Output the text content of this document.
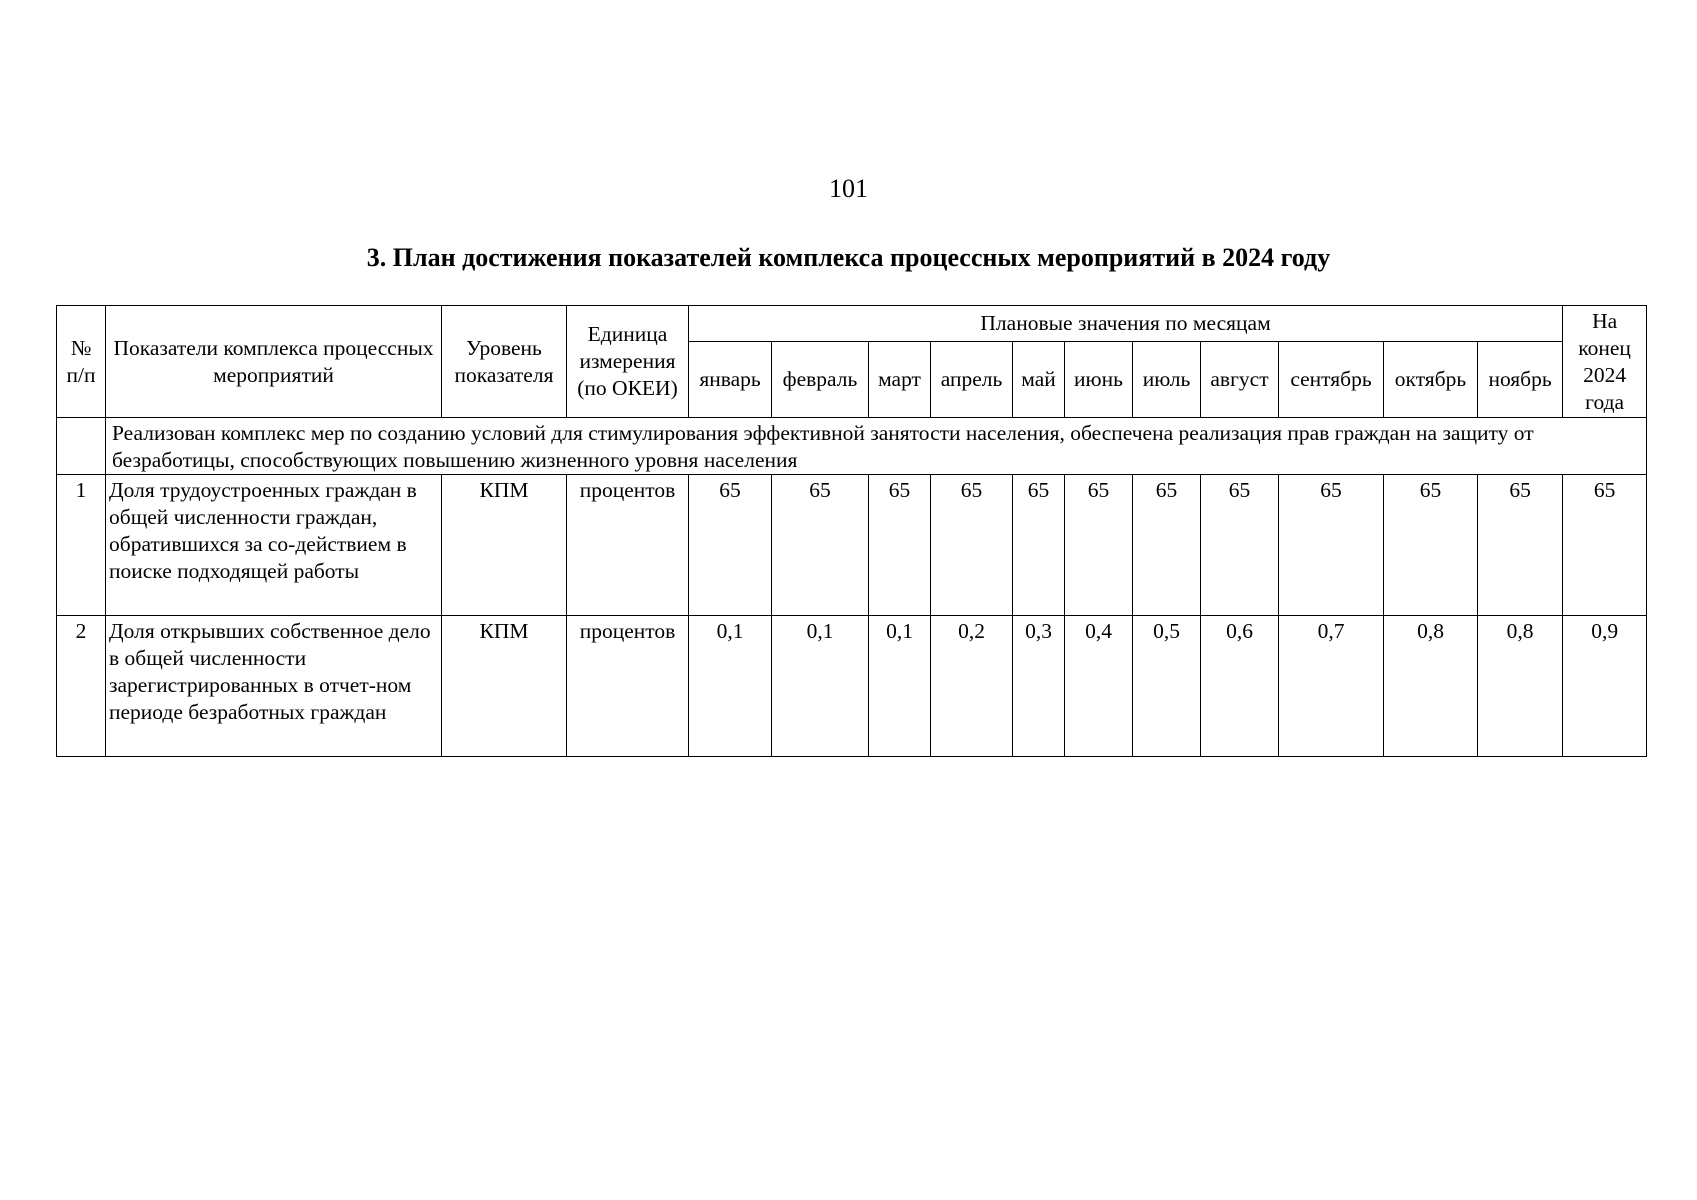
101
3. План достижения показателей комплекса процессных мероприятий в 2024 году
№ п/п	Показатели комплекса процессных мероприятий	Уровень показателя	Единица измерения (по ОКЕИ)	Плановые значения по месяцам											На конец 2024 года
				январь	февраль	март	апрель	май	июнь	июль	август	сентябрь	октябрь	ноябрь	
	Реализован комплекс мер по созданию условий для стимулирования эффективной занятости населения, обеспечена реализация прав граждан на защиту от безработицы, способствующих повышению жизненного уровня населения														
1	Доля трудоустроенных граждан в общей численности граждан, обратившихся за со-действием в поиске подходящей работы	КПМ	процентов	65	65	65	65	65	65	65	65	65	65	65	65
2	Доля открывших собственное дело в общей численности зарегистрированных в отчет-ном периоде безработных граждан	КПМ	процентов	0,1	0,1	0,1	0,2	0,3	0,4	0,5	0,6	0,7	0,8	0,8	0,9
